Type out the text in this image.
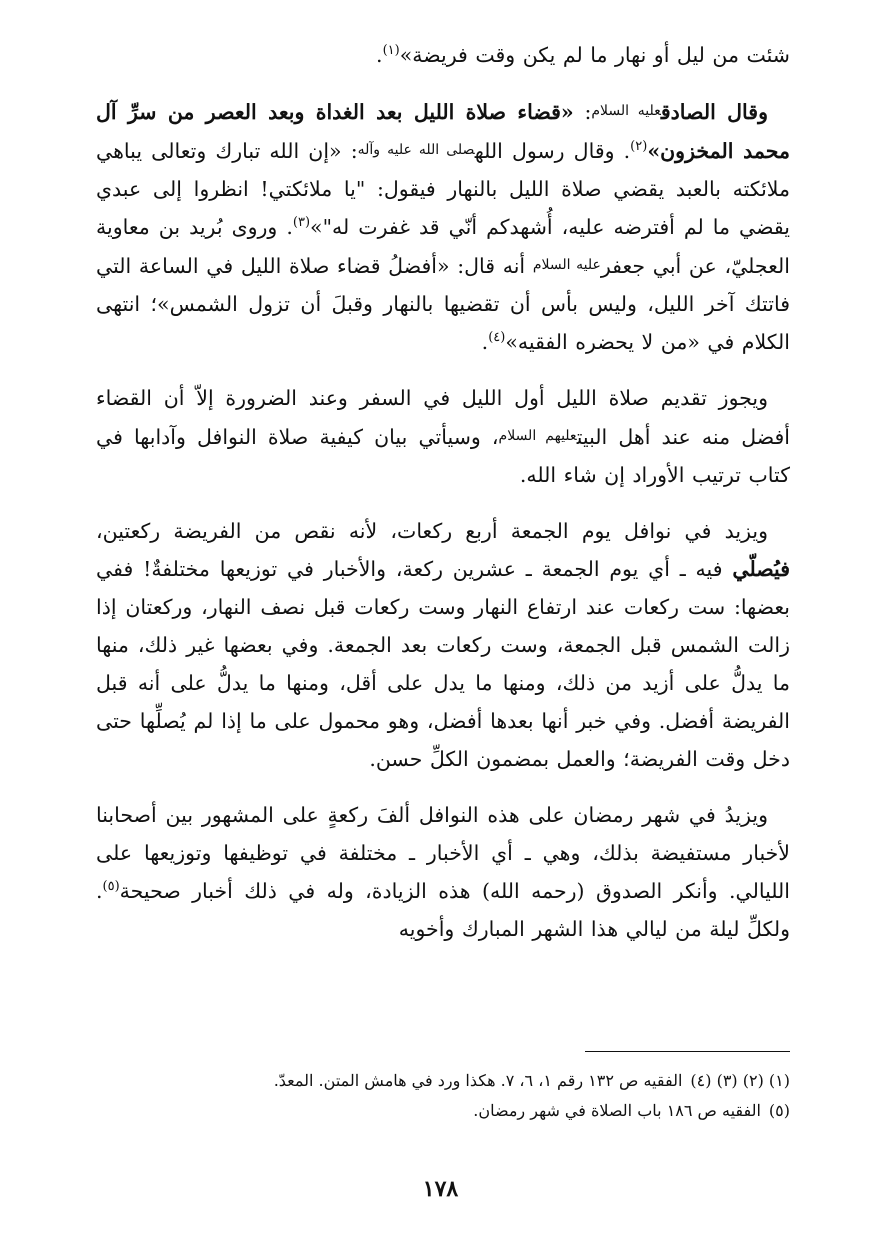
شئت من ليل أو نهار ما لم يكن وقت فريضة»$^{(١)}$.

وقال الصادقعليه السلام: «قضاء صلاة الليل بعد الغداة وبعد العصر من سرِّ آل محمد المخزون»$^{(٢)}$. وقال رسول اللهصلى الله عليه وآله: «إن الله تبارك وتعالى يباهي ملائكته بالعبد يقضي صلاة الليل بالنهار فيقول: "يا ملائكتي! انظروا إلى عبدي يقضي ما لم أفترضه عليه، أُشهدكم أنّي قد غفرت له"»$^{(٣)}$. وروى بُريد بن معاوية العجليّ، عن أبي جعفرعليه السلام أنه قال: «أفضلُ قضاء صلاة الليل في الساعة التي فاتتك آخر الليل، وليس بأس أن تقضيها بالنهار وقبلَ أن تزول الشمس»؛ انتهى الكلام في «من لا يحضره الفقيه»$^{(٤)}$.

ويجوز تقديم صلاة الليل أول الليل في السفر وعند الضرورة إلاّ أن القضاء أفضل منه عند أهل البيتعليهم السلام، وسيأتي بيان كيفية صلاة النوافل وآدابها في كتاب ترتيب الأوراد إن شاء الله.

ويزيد في نوافل يوم الجمعة أربع ركعات، لأنه نقص من الفريضة ركعتين، فيُصلّي فيه ـ أي يوم الجمعة ـ عشرين ركعة، والأخبار في توزيعها مختلفةٌ! ففي بعضها: ست ركعات عند ارتفاع النهار وست ركعات قبل نصف النهار، وركعتان إذا زالت الشمس قبل الجمعة، وست ركعات بعد الجمعة. وفي بعضها غير ذلك، منها ما يدلُّ على أزيد من ذلك، ومنها ما يدل على أقل، ومنها ما يدلُّ على أنه قبل الفريضة أفضل. وفي خبر أنها بعدها أفضل، وهو محمول على ما إذا لم يُصلِّها حتى دخل وقت الفريضة؛ والعمل بمضمون الكلِّ حسن.

ويزيدُ في شهر رمضان على هذه النوافل ألفَ ركعةٍ على المشهور بين أصحابنا لأخبار مستفيضة بذلك، وهي ـ أي الأخبار ـ مختلفة في توظيفها وتوزيعها على الليالي. وأنكر الصدوق (رحمه الله) هذه الزيادة، وله في ذلك أخبار صحيحة$^{(٥)}$. ولكلِّ ليلة من ليالي هذا الشهر المبارك وأخويه

(١) (٢) (٣) (٤)الفقيه ص ١٣٢ رقم ١، ٦، ٧. هكذا ورد في هامش المتن. المعدّ.

(٥)الفقيه ص ١٨٦ باب الصلاة في شهر رمضان.

١٧٨
